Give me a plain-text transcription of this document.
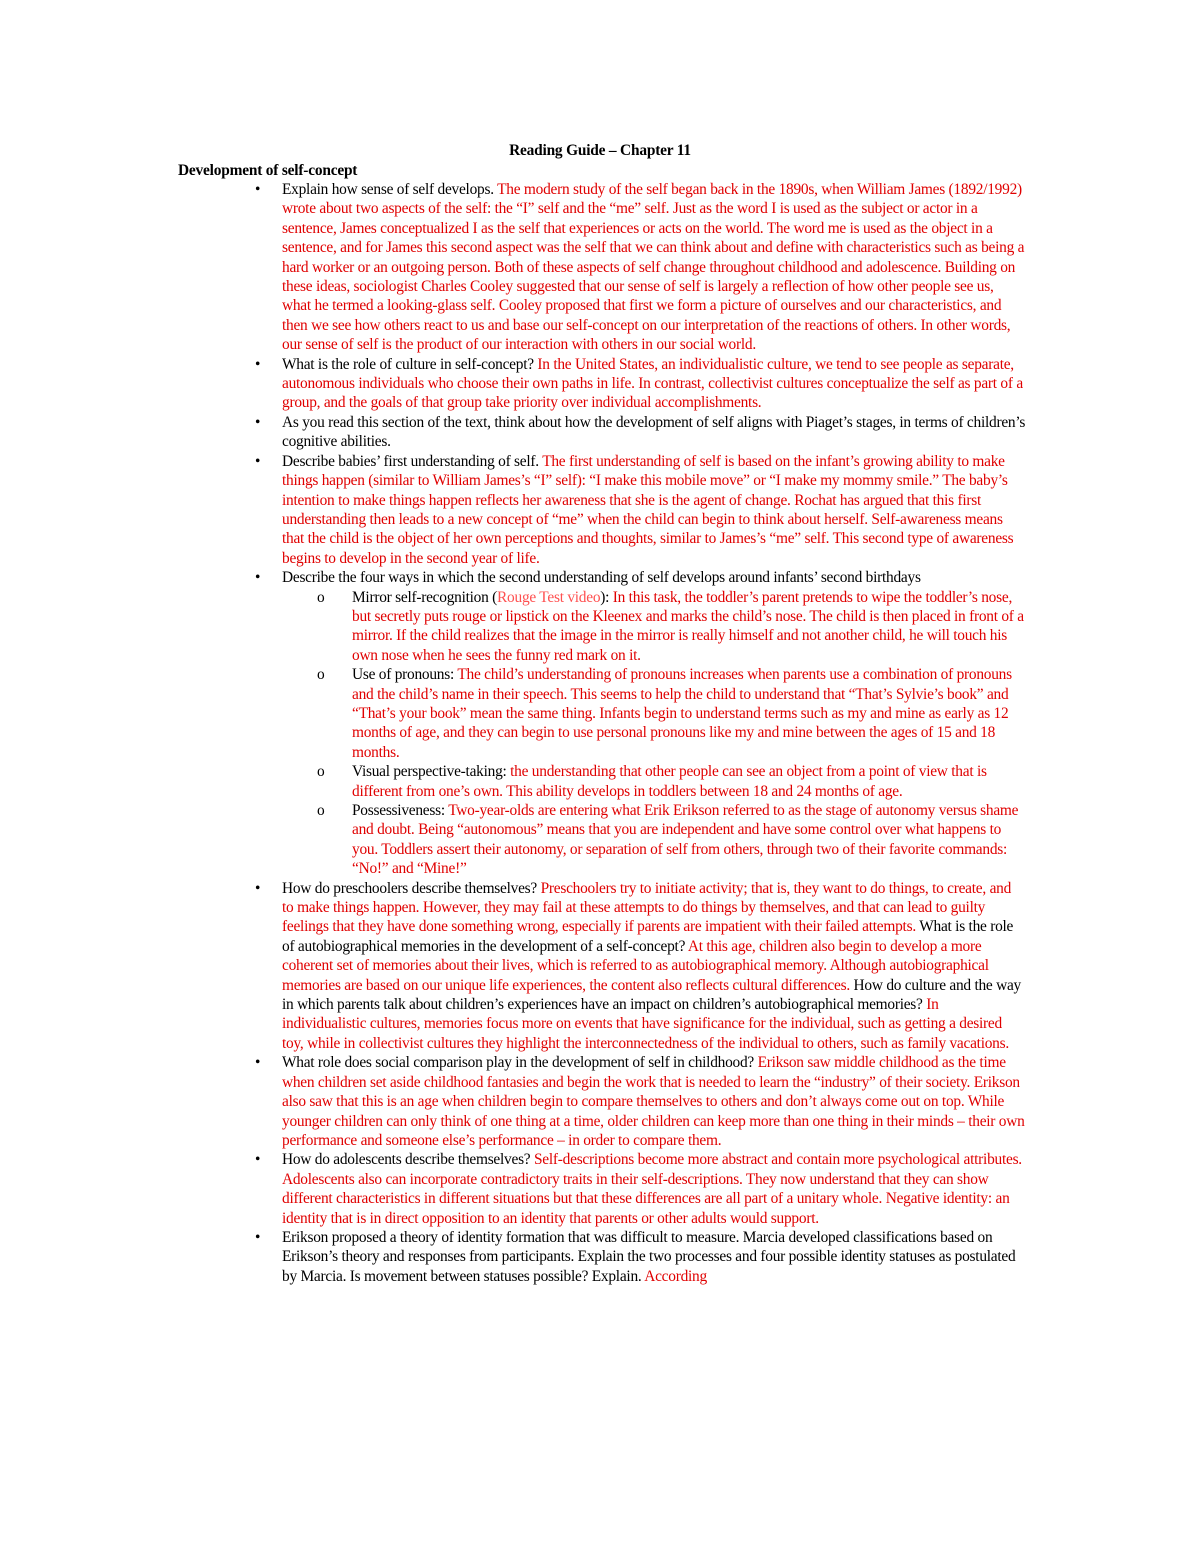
Reading Guide – Chapter 11
Development of self-concept
• Explain how sense of self develops. The modern study of the self began back in the 1890s, when William James (1892/1992) wrote about two aspects of the self: the “I” self and the “me” self. Just as the word I is used as the subject or actor in a sentence, James conceptualized I as the self that experiences or acts on the world. The word me is used as the object in a sentence, and for James this second aspect was the self that we can think about and define with characteristics such as being a hard worker or an outgoing person. Both of these aspects of self change throughout childhood and adolescence. Building on these ideas, sociologist Charles Cooley suggested that our sense of self is largely a reflection of how other people see us, what he termed a looking-glass self. Cooley proposed that first we form a picture of ourselves and our characteristics, and then we see how others react to us and base our self-concept on our interpretation of the reactions of others. In other words, our sense of self is the product of our interaction with others in our social world.
• What is the role of culture in self-concept? In the United States, an individualistic culture, we tend to see people as separate, autonomous individuals who choose their own paths in life. In contrast, collectivist cultures conceptualize the self as part of a group, and the goals of that group take priority over individual accomplishments.
• As you read this section of the text, think about how the development of self aligns with Piaget’s stages, in terms of children’s cognitive abilities.
• Describe babies’ first understanding of self. The first understanding of self is based on the infant’s growing ability to make things happen (similar to William James’s “I” self): “I make this mobile move” or “I make my mommy smile.” The baby’s intention to make things happen reflects her awareness that she is the agent of change. Rochat has argued that this first understanding then leads to a new concept of “me” when the child can begin to think about herself. Self-awareness means that the child is the object of her own perceptions and thoughts, similar to James’s “me” self. This second type of awareness begins to develop in the second year of life.
• Describe the four ways in which the second understanding of self develops around infants’ second birthdays
o Mirror self-recognition (Rouge Test video): In this task, the toddler’s parent pretends to wipe the toddler’s nose, but secretly puts rouge or lipstick on the Kleenex and marks the child’s nose. The child is then placed in front of a mirror. If the child realizes that the image in the mirror is really himself and not another child, he will touch his own nose when he sees the funny red mark on it.
o Use of pronouns: The child’s understanding of pronouns increases when parents use a combination of pronouns and the child’s name in their speech. This seems to help the child to understand that “That’s Sylvie’s book” and “That’s your book” mean the same thing. Infants begin to understand terms such as my and mine as early as 12 months of age, and they can begin to use personal pronouns like my and mine between the ages of 15 and 18 months.
o Visual perspective-taking: the understanding that other people can see an object from a point of view that is different from one’s own. This ability develops in toddlers between 18 and 24 months of age.
o Possessiveness: Two-year-olds are entering what Erik Erikson referred to as the stage of autonomy versus shame and doubt. Being “autonomous” means that you are independent and have some control over what happens to you. Toddlers assert their autonomy, or separation of self from others, through two of their favorite commands: “No!” and “Mine!”
• How do preschoolers describe themselves? Preschoolers try to initiate activity; that is, they want to do things, to create, and to make things happen. However, they may fail at these attempts to do things by themselves, and that can lead to guilty feelings that they have done something wrong, especially if parents are impatient with their failed attempts. What is the role of autobiographical memories in the development of a self-concept? At this age, children also begin to develop a more coherent set of memories about their lives, which is referred to as autobiographical memory. Although autobiographical memories are based on our unique life experiences, the content also reflects cultural differences. How do culture and the way in which parents talk about children’s experiences have an impact on children’s autobiographical memories? In individualistic cultures, memories focus more on events that have significance for the individual, such as getting a desired toy, while in collectivist cultures they highlight the interconnectedness of the individual to others, such as family vacations.
• What role does social comparison play in the development of self in childhood? Erikson saw middle childhood as the time when children set aside childhood fantasies and begin the work that is needed to learn the “industry” of their society. Erikson also saw that this is an age when children begin to compare themselves to others and don’t always come out on top. While younger children can only think of one thing at a time, older children can keep more than one thing in their minds – their own performance and someone else’s performance – in order to compare them.
• How do adolescents describe themselves? Self-descriptions become more abstract and contain more psychological attributes. Adolescents also can incorporate contradictory traits in their self-descriptions. They now understand that they can show different characteristics in different situations but that these differences are all part of a unitary whole. Negative identity: an identity that is in direct opposition to an identity that parents or other adults would support.
• Erikson proposed a theory of identity formation that was difficult to measure. Marcia developed classifications based on Erikson’s theory and responses from participants. Explain the two processes and four possible identity statuses as postulated by Marcia. Is movement between statuses possible? Explain. According
